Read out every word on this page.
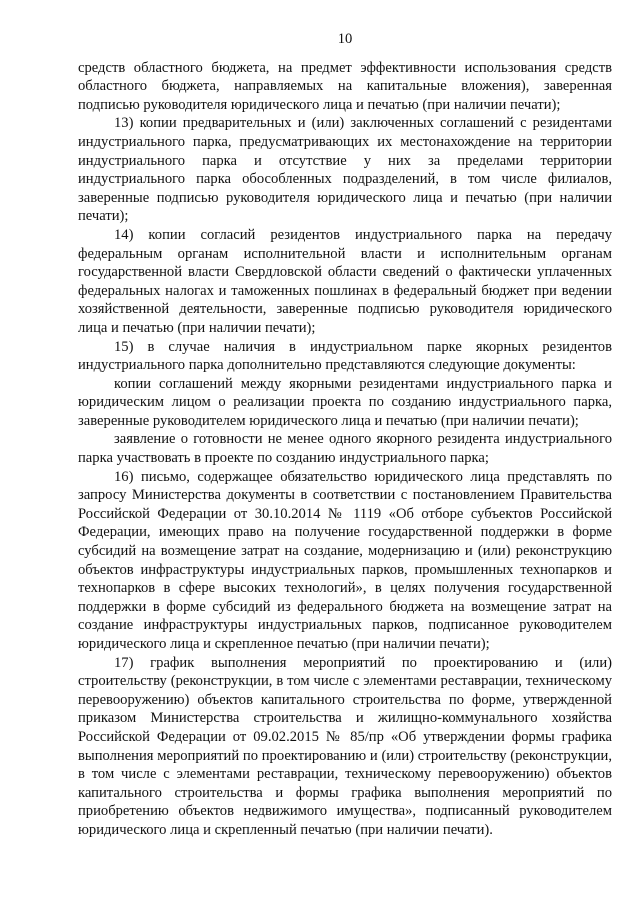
10

средств областного бюджета, на предмет эффективности использования средств областного бюджета, направляемых на капитальные вложения), заверенная подписью руководителя юридического лица и печатью (при наличии печати);

13) копии предварительных и (или) заключенных соглашений с резидентами индустриального парка, предусматривающих их местонахождение на территории индустриального парка и отсутствие у них за пределами территории индустриального парка обособленных подразделений, в том числе филиалов, заверенные подписью руководителя юридического лица и печатью (при наличии печати);

14) копии согласий резидентов индустриального парка на передачу федеральным органам исполнительной власти и исполнительным органам государственной власти Свердловской области сведений о фактически уплаченных федеральных налогах и таможенных пошлинах в федеральный бюджет при ведении хозяйственной деятельности, заверенные подписью руководителя юридического лица и печатью (при наличии печати);

15) в случае наличия в индустриальном парке якорных резидентов индустриального парка дополнительно представляются следующие документы:

копии соглашений между якорными резидентами индустриального парка и юридическим лицом о реализации проекта по созданию индустриального парка, заверенные руководителем юридического лица и печатью (при наличии печати);

заявление о готовности не менее одного якорного резидента индустриального парка участвовать в проекте по созданию индустриального парка;

16) письмо, содержащее обязательство юридического лица представлять по запросу Министерства документы в соответствии с постановлением Правительства Российской Федерации от 30.10.2014 № 1119 «Об отборе субъектов Российской Федерации, имеющих право на получение государственной поддержки в форме субсидий на возмещение затрат на создание, модернизацию и (или) реконструкцию объектов инфраструктуры индустриальных парков, промышленных технопарков и технопарков в сфере высоких технологий», в целях получения государственной поддержки в форме субсидий из федерального бюджета на возмещение затрат на создание инфраструктуры индустриальных парков, подписанное руководителем юридического лица и скрепленное печатью (при наличии печати);

17) график выполнения мероприятий по проектированию и (или) строительству (реконструкции, в том числе с элементами реставрации, техническому перевооружению) объектов капитального строительства по форме, утвержденной приказом Министерства строительства и жилищно-коммунального хозяйства Российской Федерации от 09.02.2015 № 85/пр «Об утверждении формы графика выполнения мероприятий по проектированию и (или) строительству (реконструкции, в том числе с элементами реставрации, техническому перевооружению) объектов капитального строительства и формы графика выполнения мероприятий по приобретению объектов недвижимого имущества», подписанный руководителем юридического лица и скрепленный печатью (при наличии печати).
